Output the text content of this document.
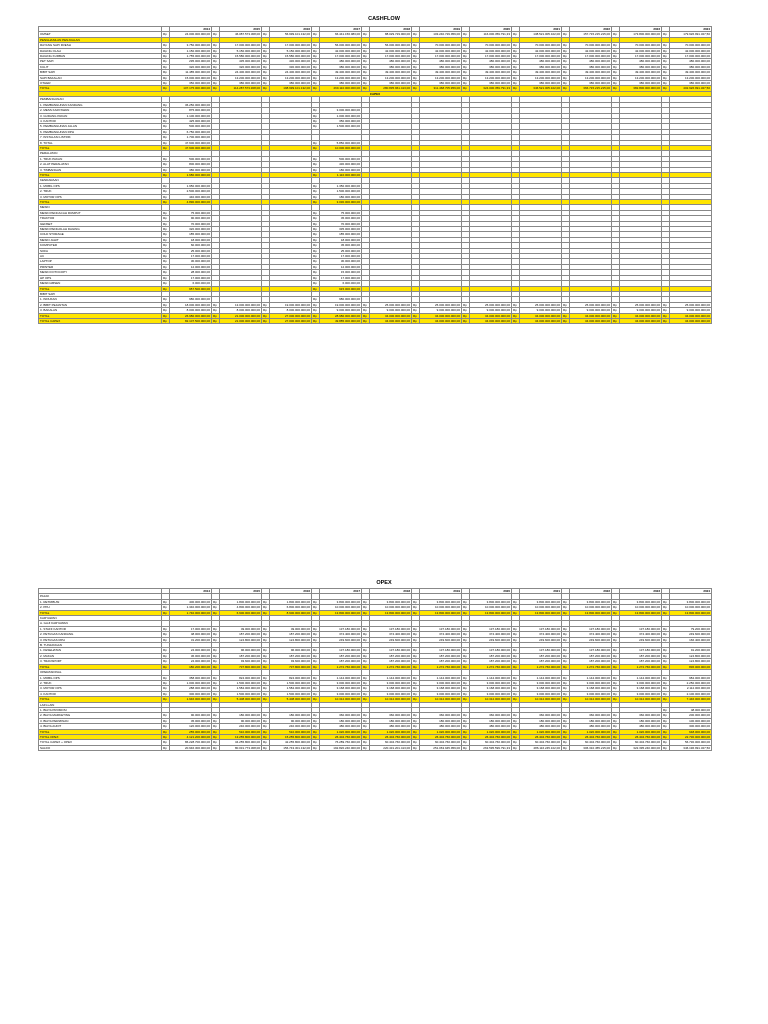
CASHFLOW
		2014		2015		2016		2017		2018		2019		2020		2021		2022		2023		2024
OMSET	Rp	24.000.000.000,00	Rp	46.087.573.308,00	Rp	56.999.101.132,00	Rp	66.441.156.083,00	Rp	88.029.729.000,00	Rp	103.240.729.959,00	Rp	116.000.359.791,33	Rp	138.521.005.102,00	Rp	157.715.215.215,00	Rp	173.800.000.000,00	Rp	179.926.991.327,50
PENGHASILAN PENJUALAN																						
RAYANG SAPI FRESH	Rp	3.750.000.000,00	Rp	17.000.000.000,00	Rp	17.000.000.000,00	Rp	56.000.000.000,00	Rp	56.000.000.000,00	Rp	70.000.000.000,00	Rp	70.000.000.000,00	Rp	70.000.000.000,00	Rp	70.000.000.000,00	Rp	70.000.000.000,00	Rp	70.000.000.000,00
DAGING OLAH	Rp	1.150.000.000,00	Rp	5.150.000.000,00	Rp	5.150.000.000,00	Rp	42.000.000.000,00	Rp	42.000.000.000,00	Rp	42.000.000.000,00	Rp	42.000.000.000,00	Rp	42.000.000.000,00	Rp	42.000.000.000,00	Rp	42.000.000.000,00	Rp	42.000.000.000,00
DAGING KURBAN	Rp	1.755.000.000,00	Rp	15.580.000.000,00	Rp	15.580.000.000,00	Rp	17.000.000.000,00	Rp	17.000.000.000,00	Rp	17.000.000.000,00	Rp	17.000.000.000,00	Rp	17.000.000.000,00	Rp	17.000.000.000,00	Rp	17.000.000.000,00	Rp	17.000.000.000,00
PET SAPI	Rp	295.000.000,00	Rp	435.000.000,00	Rp	430.000.000,00	Rp	480.000.000,00	Rp	480.000.000,00	Rp	480.000.000,00	Rp	480.000.000,00	Rp	480.000.000,00	Rp	480.000.000,00	Rp	480.000.000,00	Rp	480.000.000,00
KULIT	Rp	320.000.000,00	Rp	320.000.000,00	Rp	330.000.000,00	Rp	380.000.000,00	Rp	380.000.000,00	Rp	380.000.000,00	Rp	380.000.000,00	Rp	380.000.000,00	Rp	380.000.000,00	Rp	380.000.000,00	Rp	380.000.000,00
BIBIT SAPI	Rp	11.485.000.000,00	Rp	24.400.000.000,00	Rp	24.400.000.000,00	Rp	49.400.000.000,00	Rp	49.400.000.000,00	Rp	49.400.000.000,00	Rp	49.400.000.000,00	Rp	49.400.000.000,00	Rp	49.400.000.000,00	Rp	49.400.000.000,00	Rp	49.400.000.000,00
SAPI BAKALAN	Rp	15.000.000.000,00	Rp	13.200.000.000,00	Rp	13.200.000.000,00	Rp	13.200.000.000,00	Rp	13.200.000.000,00	Rp	13.200.000.000,00	Rp	13.200.000.000,00	Rp	13.200.000.000,00	Rp	13.200.000.000,00	Rp	13.200.000.000,00	Rp	13.200.000.000,00
OTHER	Rp	350.000.000,00	Rp	380.000.000,00	Rp	380.000.000,00	Rp	380.000.000,00	Rp	380.000.000,00	Rp	380.000.000,00	Rp	380.000.000,00	Rp	380.000.000,00	Rp	380.000.000,00	Rp	380.000.000,00	Rp	380.000.000,00
TOTAL	Rp	107.175.000.000,00	Rp	114.287.573.308,00	Rp	198.999.101.132,00	Rp	269.110.000.000,00	Rp	280.835.961.413,00	Rp	311.468.705.959,00	Rp	324.000.359.791,33	Rp	346.521.005.102,00	Rp	366.715.215.215,00	Rp	382.800.000.000,00	Rp	402.926.991.327,50
CAPEX																						
PEMBANGUNAN																						
1. PEMBANGUNAN KANDANG	Rp	36.250.000.000,00																				
2. MESS KARYAWAN	Rp	875.000.000,00					Rp	3.000.000.000,00														
3. GUDANG PAKAN	Rp	1.100.000.000,00					Rp	1.000.000.000,00														
4. KANTOR	Rp	425.000.000,00					Rp	350.000.000,00														
5. PEMBANGUNAN JALAN	Rp	500.000.000,00					Rp	1.500.000.000,00														
6. PEMBANGUNAN RPH	Rp	6.750.000.000,00																				
7. INSTALASI LISTRIK	Rp	1.700.000.000,00																				
8. TOTAL	Rp	47.600.000.000,00					Rp	5.850.000.000,00														
TOTAL	Rp	47.600.000.000,00					Rp	10.000.000.000,00														
PERALATAN																						
1. TRUK PAKAN	Rp	500.000.000,00					Rp	500.000.000,00														
2. ALAT PERALATAN	Rp	800.000.000,00					Rp	430.000.000,00														
3. TIMBANGAN	Rp	380.000.000,00					Rp	180.000.000,00														
TOTAL	Rp	1.680.000.000,00					Rp	1.110.000.000,00														
KENDARAAN																						
1. MOBIL OPS	Rp	1.950.000.000,00					Rp	1.350.000.000,00														
2. TRUK	Rp	2.500.000.000,00					Rp	1.500.000.000,00														
3. MOTOR OPS	Rp	440.000.000,00					Rp	180.000.000,00														
TOTAL	Rp	4.890.000.000,00					Rp	3.030.000.000,00														
MESIN																						
MESIN PENCACAH RUMPUT	Rp	75.000.000,00					Rp	75.000.000,00														
TRAKTOR	Rp	90.000.000,00					Rp	45.000.000,00														
GENSET	Rp	70.000.000,00					Rp	70.000.000,00														
MESIN PENGOLAH DAGING	Rp	320.000.000,00					Rp	335.000.000,00														
COLD STORAGE	Rp	185.000.000,00					Rp	185.000.000,00														
MESIN JAHIT	Rp	18.000.000,00					Rp	18.000.000,00														
KOMPUTER	Rp	60.000.000,00					Rp	45.000.000,00														
SOFA	Rp	25.000.000,00					Rp	25.000.000,00														
AC	Rp	17.000.000,00					Rp	17.000.000,00														
LAPTOP	Rp	30.000.000,00					Rp	30.000.000,00														
PRINTER	Rp	12.000.000,00					Rp	12.000.000,00														
MESIN FOTOCOPY	Rp	28.000.000,00					Rp	15.000.000,00														
HP OPS	Rp	17.000.000,00					Rp	17.000.000,00														
MESIN ABSEN	Rp	6.000.000,00					Rp	6.000.000,00														
TOTAL	Rp	957.500.000,00					Rp	915.000.000,00														
BIBIT SAPI																						
1. INDUKAN	Rp	980.000.000,00					Rp	980.000.000,00														
2. BIBIT PEJANTAN	Rp	18.000.000.000,00	Rp	13.000.000.000,00	Rp	19.000.000.000,00	Rp	19.000.000.000,00	Rp	25.000.000.000,00	Rp	25.000.000.000,00	Rp	25.000.000.000,00	Rp	25.000.000.000,00	Rp	25.000.000.000,00	Rp	25.000.000.000,00	Rp	25.000.000.000,00
3. BAKALAN	Rp	8.000.000.000,00	Rp	8.000.000.000,00	Rp	8.000.000.000,00	Rp	9.000.000.000,00	Rp	9.000.000.000,00	Rp	9.000.000.000,00	Rp	9.000.000.000,00	Rp	9.000.000.000,00	Rp	9.000.000.000,00	Rp	9.000.000.000,00	Rp	9.000.000.000,00
TOTAL	Rp	26.980.000.000,00	Rp	21.000.000.000,00	Rp	27.000.000.000,00	Rp	28.980.000.000,00	Rp	34.000.000.000,00	Rp	34.000.000.000,00	Rp	34.000.000.000,00	Rp	34.000.000.000,00	Rp	34.000.000.000,00	Rp	34.000.000.000,00	Rp	34.000.000.000,00
TOTAL CAPEX	Rp	82.107.500.000,00	Rp	21.000.000.000,00	Rp	27.000.000.000,00	Rp	49.885.000.000,00	Rp	34.000.000.000,00	Rp	34.000.000.000,00	Rp	34.000.000.000,00	Rp	34.000.000.000,00	Rp	34.000.000.000,00	Rp	34.000.000.000,00	Rp	34.000.000.000,00
OPEX
		2014		2015		2016		2017		2018		2019		2020		2021		2022		2023		2024
PAJAK																						
1. RETRIBUSI	Rp	400.000.000,00	Rp	1.800.000.000,00	Rp	1.800.000.000,00	Rp	3.800.000.000,00	Rp	3.800.000.000,00	Rp	3.800.000.000,00	Rp	3.800.000.000,00	Rp	3.800.000.000,00	Rp	3.800.000.000,00	Rp	3.800.000.000,00	Rp	3.800.000.000,00
2. PPH	Rp	1.340.000.000,00	Rp	4.800.000.000,00	Rp	6.800.000.000,00	Rp	10.000.000.000,00	Rp	10.000.000.000,00	Rp	10.000.000.000,00	Rp	10.000.000.000,00	Rp	10.000.000.000,00	Rp	10.000.000.000,00	Rp	10.000.000.000,00	Rp	10.000.000.000,00
TOTAL	Rp	1.740.000.000,00	Rp	6.600.000.000,00	Rp	8.600.000.000,00	Rp	13.800.000.000,00	Rp	13.800.000.000,00	Rp	13.800.000.000,00	Rp	13.800.000.000,00	Rp	13.800.000.000,00	Rp	13.800.000.000,00	Rp	13.800.000.000,00	Rp	13.800.000.000,00
KARYAWAN																						
A. GAJI KARYAWAN																						
1. STAFF KANTOR	Rp	17.000.000,00	Rp	49.000.000,00	Rp	49.000.000,00	Rp	137.180.000,00	Rp	137.180.000,00	Rp	137.180.000,00	Rp	137.180.000,00	Rp	137.180.000,00	Rp	137.180.000,00	Rp	137.180.000,00	Rp	79.200.000,00
2. PETUGAS KANDANG	Rp	48.000.000,00	Rp	187.200.000,00	Rp	187.200.000,00	Rp	374.400.000,00	Rp	374.400.000,00	Rp	374.400.000,00	Rp	374.400.000,00	Rp	374.400.000,00	Rp	374.400.000,00	Rp	374.400.000,00	Rp	249.600.000,00
3. PETUGAS RPH	Rp	31.200.000,00	Rp	124.800.000,00	Rp	124.800.000,00	Rp	249.600.000,00	Rp	249.600.000,00	Rp	249.600.000,00	Rp	249.600.000,00	Rp	249.600.000,00	Rp	249.600.000,00	Rp	249.600.000,00	Rp	166.400.000,00
B. TUNJANGAN																						
1. KESEHATAN	Rp	24.000.000,00	Rp	96.000.000,00	Rp	96.000.000,00	Rp	137.180.000,00	Rp	137.180.000,00	Rp	137.180.000,00	Rp	137.180.000,00	Rp	137.180.000,00	Rp	137.180.000,00	Rp	137.180.000,00	Rp	91.200.000,00
2. MAKAN	Rp	36.000.000,00	Rp	187.200.000,00	Rp	187.200.000,00	Rp	187.200.000,00	Rp	187.200.000,00	Rp	187.200.000,00	Rp	187.200.000,00	Rp	187.200.000,00	Rp	187.200.000,00	Rp	187.200.000,00	Rp	124.800.000,00
3. TRANSPORT	Rp	24.000.000,00	Rp	93.600.000,00	Rp	93.600.000,00	Rp	187.200.000,00	Rp	187.200.000,00	Rp	187.200.000,00	Rp	187.200.000,00	Rp	187.200.000,00	Rp	187.200.000,00	Rp	187.200.000,00	Rp	124.800.000,00
TOTAL	Rp	180.200.000,00	Rp	737.800.000,00	Rp	737.800.000,00	Rp	1.272.760.000,00	Rp	1.272.760.000,00	Rp	1.272.760.000,00	Rp	1.272.760.000,00	Rp	1.272.760.000,00	Rp	1.272.760.000,00	Rp	1.272.760.000,00	Rp	836.000.000,00
OPERASIONAL																						
1. MOBIL OPS	Rp	358.000.000,00	Rp	824.000.000,00	Rp	824.000.000,00	Rp	1.144.000.000,00	Rp	1.144.000.000,00	Rp	1.144.000.000,00	Rp	1.144.000.000,00	Rp	1.144.000.000,00	Rp	1.144.000.000,00	Rp	1.144.000.000,00	Rp	984.000.000,00
2. TRUK	Rp	1.000.000.000,00	Rp	1.500.000.000,00	Rp	1.500.000.000,00	Rp	3.000.000.000,00	Rp	3.000.000.000,00	Rp	3.000.000.000,00	Rp	3.000.000.000,00	Rp	3.000.000.000,00	Rp	3.000.000.000,00	Rp	3.000.000.000,00	Rp	2.250.000.000,00
3. MOTOR OPS	Rp	288.000.000,00	Rp	1.584.000.000,00	Rp	1.584.000.000,00	Rp	3.168.000.000,00	Rp	3.168.000.000,00	Rp	3.168.000.000,00	Rp	3.168.000.000,00	Rp	3.168.000.000,00	Rp	3.168.000.000,00	Rp	3.168.000.000,00	Rp	2.112.000.000,00
4. KANTOR	Rp	300.000.000,00	Rp	1.500.000.000,00	Rp	1.500.000.000,00	Rp	3.000.000.000,00	Rp	3.000.000.000,00	Rp	3.000.000.000,00	Rp	3.000.000.000,00	Rp	3.000.000.000,00	Rp	3.000.000.000,00	Rp	3.000.000.000,00	Rp	2.100.000.000,00
TOTAL	Rp	1.946.000.000,00	Rp	5.408.000.000,00	Rp	5.408.000.000,00	Rp	10.312.000.000,00	Rp	10.312.000.000,00	Rp	10.312.000.000,00	Rp	10.312.000.000,00	Rp	10.312.000.000,00	Rp	10.312.000.000,00	Rp	10.312.000.000,00	Rp	7.446.000.000,00
LAIN-LAIN																						
1. BIAYA PROMOSI																					Rp	48.000.000,00
2. BIAYA MARKETING	Rp	90.000.000,00	Rp	180.000.000,00	Rp	180.000.000,00	Rp	360.000.000,00	Rp	360.000.000,00	Rp	360.000.000,00	Rp	360.000.000,00	Rp	360.000.000,00	Rp	360.000.000,00	Rp	360.000.000,00	Rp	200.000.000,00
3. BIAYA PERIZINAN	Rp	45.000.000,00	Rp	90.000.000,00	Rp	90.000.000,00	Rp	180.000.000,00	Rp	180.000.000,00	Rp	180.000.000,00	Rp	180.000.000,00	Rp	180.000.000,00	Rp	180.000.000,00	Rp	180.000.000,00	Rp	100.000.000,00
4. BIAYA AUDIT	Rp	120.000.000,00	Rp	240.000.000,00	Rp	240.000.000,00	Rp	480.000.000,00	Rp	480.000.000,00	Rp	480.000.000,00	Rp	480.000.000,00	Rp	480.000.000,00	Rp	480.000.000,00	Rp	480.000.000,00	Rp	300.000.000,00
TOTAL	Rp	255.000.000,00	Rp	510.000.000,00	Rp	510.000.000,00	Rp	1.020.000.000,00	Rp	1.020.000.000,00	Rp	1.020.000.000,00	Rp	1.020.000.000,00	Rp	1.020.000.000,00	Rp	1.020.000.000,00	Rp	1.020.000.000,00	Rp	648.000.000,00
TOTAL OPEX	Rp	4.121.200.000,00	Rp	13.255.800.000,00	Rp	15.255.800.000,00	Rp	26.404.760.000,00	Rp	26.404.760.000,00	Rp	26.404.760.000,00	Rp	26.404.760.000,00	Rp	26.404.760.000,00	Rp	26.404.760.000,00	Rp	26.404.760.000,00	Rp	22.730.000.000,00
TOTAL CAPEX + OPEX	Rp	86.228.700.000,00	Rp	34.255.800.000,00	Rp	42.255.800.000,00	Rp	76.289.760.000,00	Rp	60.404.760.000,00	Rp	60.404.760.000,00	Rp	60.404.760.000,00	Rp	60.404.760.000,00	Rp	60.404.760.000,00	Rp	60.404.760.000,00	Rp	56.730.000.000,00
SALDO	Rp	20.946.300.000,00	Rp	80.031.773.308,00	Rp	156.743.301.132,00	Rp	192.820.240.000,00	Rp	220.431.201.413,00	Rp	251.063.945.959,00	Rp	263.595.599.791,33	Rp	286.116.245.102,00	Rp	306.310.455.215,00	Rp	322.395.240.000,00	Rp	346.196.991.327,50
